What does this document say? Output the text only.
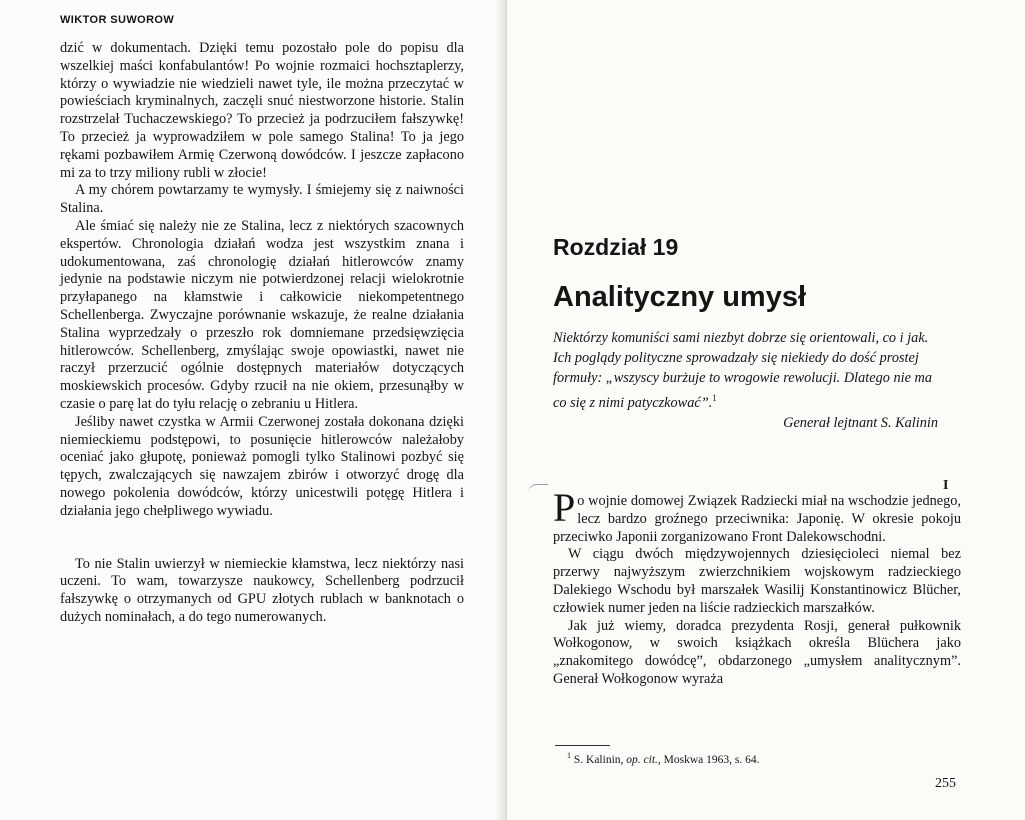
WIKTOR SUWOROW

dzić w dokumentach. Dzięki temu pozostało pole do popisu dla wszelkiej maści konfabulantów! Po wojnie rozmaici hochsztaplerzy, którzy o wywiadzie nie wiedzieli nawet tyle, ile można przeczytać w powieściach kryminalnych, zaczęli snuć niestworzone historie. Stalin rozstrzelał Tuchaczewskiego? To przecież ja podrzuciłem fałszywkę! To przecież ja wyprowadziłem w pole samego Stalina! To ja jego rękami pozbawiłem Armię Czerwoną dowódców. I jeszcze zapłacono mi za to trzy miliony rubli w złocie!

A my chórem powtarzamy te wymysły. I śmiejemy się z naiwności Stalina.

Ale śmiać się należy nie ze Stalina, lecz z niektórych szacownych ekspertów. Chronologia działań wodza jest wszystkim znana i udokumentowana, zaś chronologię działań hitlerowców znamy jedynie na podstawie niczym nie potwierdzonej relacji wielokrotnie przyłapanego na kłamstwie i całkowicie niekompetentnego Schellenberga. Zwyczajne porównanie wskazuje, że realne działania Stalina wyprzedzały o przeszło rok domniemane przedsięwzięcia hitlerowców. Schellenberg, zmyślając swoje opowiastki, nawet nie raczył przerzucić ogólnie dostępnych materiałów dotyczących moskiewskich procesów. Gdyby rzucił na nie okiem, przesunąłby w czasie o parę lat do tyłu relację o zebraniu u Hitlera.

Jeśliby nawet czystka w Armii Czerwonej została dokonana dzięki niemieckiemu podstępowi, to posunięcie hitlerowców należałoby oceniać jako głupotę, ponieważ pomogli tylko Stalinowi pozbyć się tępych, zwalczających się nawzajem zbirów i otworzyć drogę dla nowego pokolenia dowódców, którzy unicestwili potęgę Hitlera i działania jego chełpliwego wywiadu.

To nie Stalin uwierzył w niemieckie kłamstwa, lecz niektórzy nasi uczeni. To wam, towarzysze naukowcy, Schellenberg podrzucił fałszywkę o otrzymanych od GPU złotych rublach w banknotach o dużych nominałach, a do tego numerowanych.

Rozdział 19
Analityczny umysł
Niektórzy komuniści sami niezbyt dobrze się orientowali, co i jak. Ich poglądy polityczne sprowadzały się niekiedy do dość prostej formuły: „wszyscy burżuje to wrogowie rewolucji. Dlatego nie ma co się z nimi patyczkować”.$^1$
Generał lejtnant S. Kalinin
I

Po wojnie domowej Związek Radziecki miał na wschodzie jednego, lecz bardzo groźnego przeciwnika: Japonię. W okresie pokoju przeciwko Japonii zorganizowano Front Dalekowschodni.

W ciągu dwóch międzywojennych dziesięcioleci niemal bez przerwy najwyższym zwierzchnikiem wojskowym radzieckiego Dalekiego Wschodu był marszałek Wasilij Konstantinowicz Blücher, człowiek numer jeden na liście radzieckich marszałków.

Jak już wiemy, doradca prezydenta Rosji, generał pułkownik Wołkogonow, w swoich książkach określa Blüchera jako „znakomitego dowódcę”, obdarzonego „umysłem analitycznym”. Generał Wołkogonow wyraża

$^1$ S. Kalinin, op. cit., Moskwa 1963, s. 64.
255
